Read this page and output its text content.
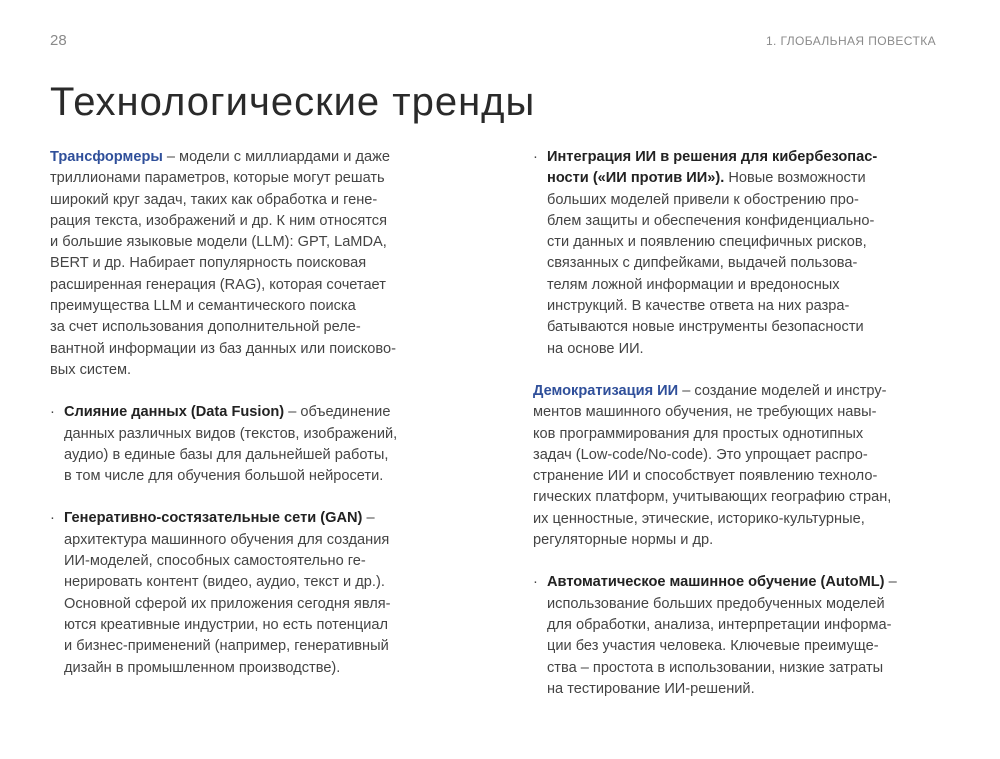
28	1. ГЛОБАЛЬНАЯ ПОВЕСТКА
Технологические тренды

Трансформеры – модели с миллиардами и даже
триллионами параметров, которые могут решать
широкий круг задач, таких как обработка и гене-
рация текста, изображений и др. К ним относятся
и большие языковые модели (LLM): GPT, LaMDA,
BERT и др. Набирает популярность поисковая
расширенная генерация (RAG), которая сочетает
преимущества LLM и семантического поиска
за счет использования дополнительной реле-
вантной информации из баз данных или поисково-
вых систем.

· Слияние данных (Data Fusion) – объединение
данных различных видов (текстов, изображений,
аудио) в единые базы для дальнейшей работы,
в том числе для обучения большой нейросети.

· Генеративно-состязательные сети (GAN) –
архитектура машинного обучения для создания
ИИ-моделей, способных самостоятельно ге-
нерировать контент (видео, аудио, текст и др.).
Основной сферой их приложения сегодня явля-
ются креативные индустрии, но есть потенциал
и бизнес-применений (например, генеративный
дизайн в промышленном производстве).

· Интеграция ИИ в решения для кибербезопас-
ности («ИИ против ИИ»). Новые возможности
больших моделей привели к обострению про-
блем защиты и обеспечения конфиденциально-
сти данных и появлению специфичных рисков,
связанных с дипфейками, выдачей пользова-
телям ложной информации и вредоносных
инструкций. В качестве ответа на них разра-
батываются новые инструменты безопасности
на основе ИИ.

Демократизация ИИ – создание моделей и инстру-
ментов машинного обучения, не требующих навы-
ков программирования для простых однотипных
задач (Low-code/No-code). Это упрощает распро-
странение ИИ и способствует появлению техноло-
гических платформ, учитывающих географию стран,
их ценностные, этические, историко-культурные,
регуляторные нормы и др.

· Автоматическое машинное обучение (AutoML) –
использование больших предобученных моделей
для обработки, анализа, интерпретации информа-
ции без участия человека. Ключевые преимуще-
ства – простота в использовании, низкие затраты
на тестирование ИИ-решений.
